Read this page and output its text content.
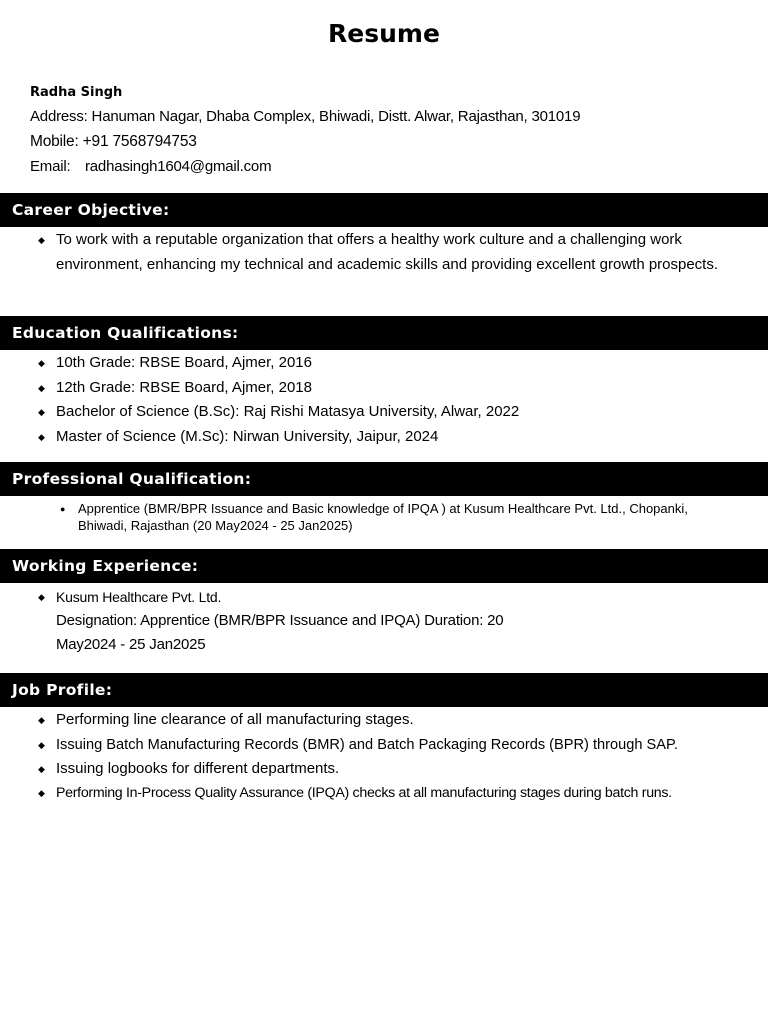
Resume
Radha Singh
Address: Hanuman Nagar, Dhaba Complex, Bhiwadi, Distt. Alwar, Rajasthan, 301019
Mobile: +91 7568794753
Email: radhasingh1604@gmail.com
Career Objective:
◆ To work with a reputable organization that offers a healthy work culture and a challenging work environment, enhancing my technical and academic skills and providing excellent growth prospects.
Education Qualifications:
◆ 10th Grade: RBSE Board, Ajmer, 2016
◆ 12th Grade: RBSE Board, Ajmer, 2018
◆ Bachelor of Science (B.Sc): Raj Rishi Matasya University, Alwar, 2022
◆ Master of Science (M.Sc): Nirwan University, Jaipur, 2024
Professional Qualification:
● Apprentice (BMR/BPR Issuance and Basic knowledge of IPQA ) at Kusum Healthcare Pvt. Ltd., Chopanki, Bhiwadi, Rajasthan (20 May2024 - 25 Jan2025)
Working Experience:
◆ Kusum Healthcare Pvt. Ltd.
Designation: Apprentice (BMR/BPR Issuance and IPQA) Duration: 20 May2024 - 25 Jan2025
Job Profile:
◆ Performing line clearance of all manufacturing stages.
◆ Issuing Batch Manufacturing Records (BMR) and Batch Packaging Records (BPR) through SAP.
◆ Issuing logbooks for different departments.
◆ Performing In-Process Quality Assurance (IPQA) checks at all manufacturing stages during batch runs.
